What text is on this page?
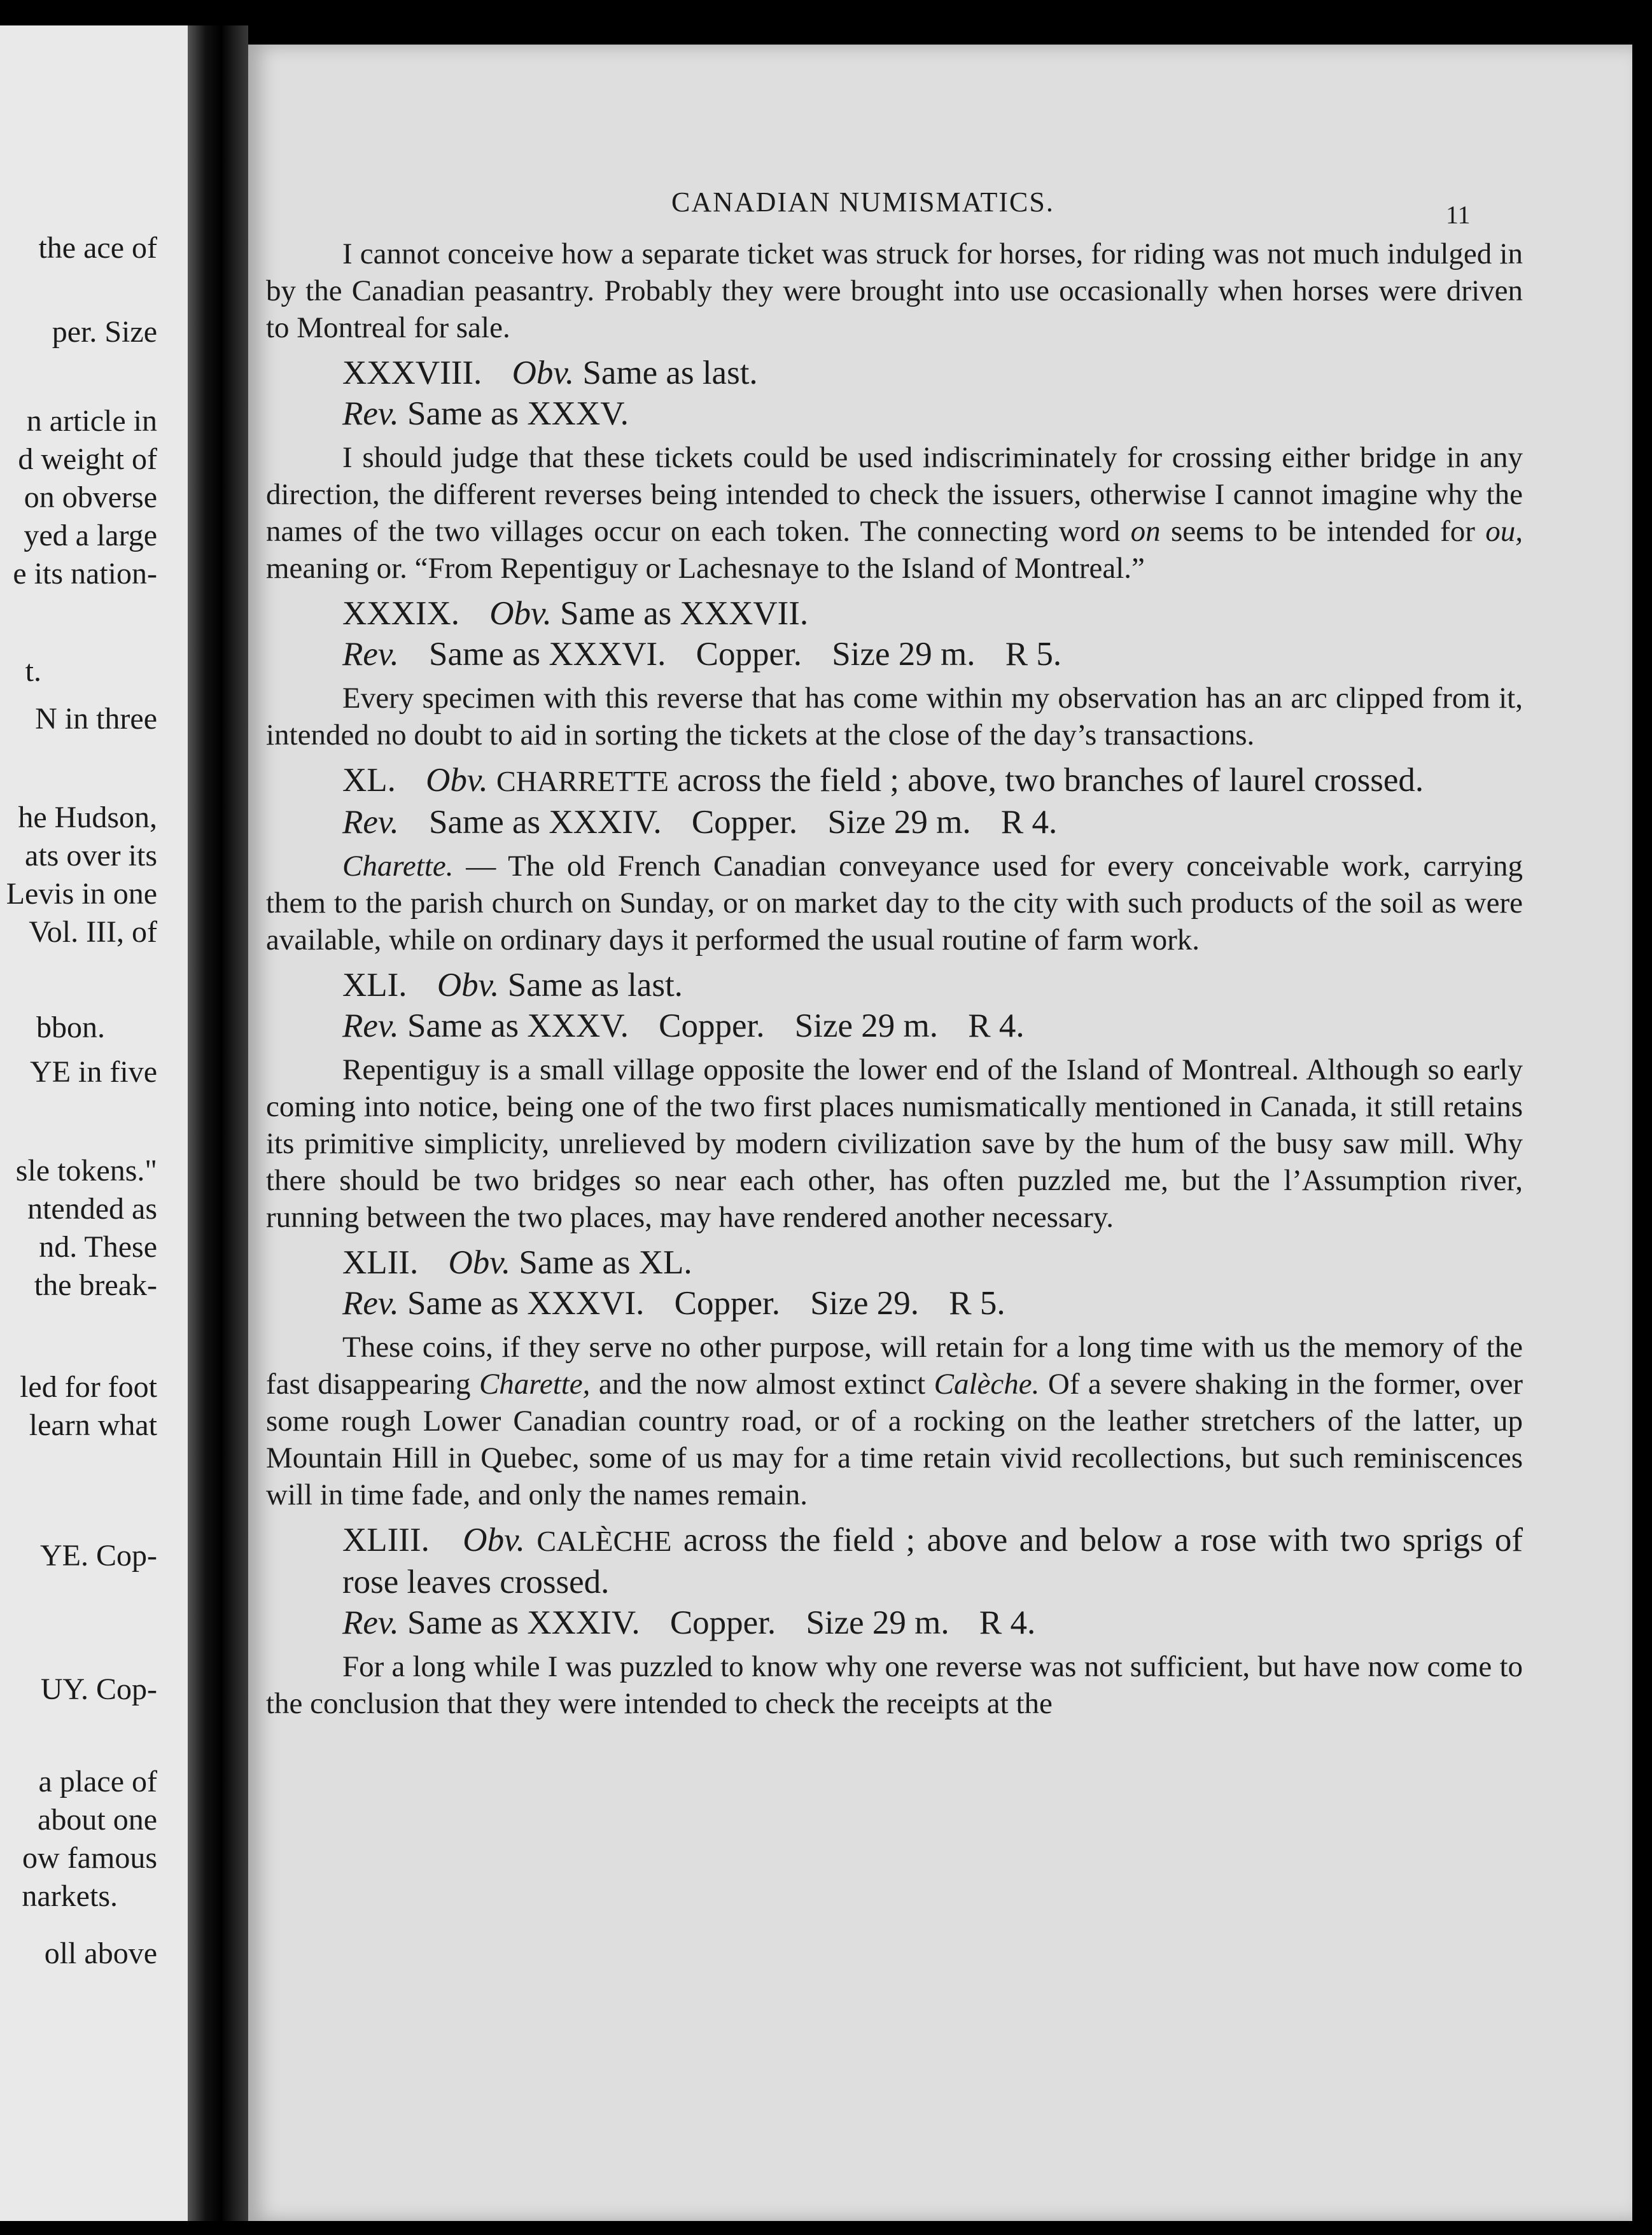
the ace of
per. Size
n article in
d weight of
on obverse
yed a large
e its nation-
t.
N in three
he Hudson,
ats over its
Levis in one
Vol. III, of
bbon.
YE in five
sle tokens."
ntended as
nd. These
the break-
led for foot
learn what
YE. Cop-
UY. Cop-
a place of
about one
ow famous
narkets.
oll above
CANADIAN NUMISMATICS.	11

I cannot conceive how a separate ticket was struck for horses, for riding was not much indulged in by the Canadian peasantry. Probably they were brought into use occasionally when horses were driven to Montreal for sale.

XXXVIII. Obv. Same as last.

Rev. Same as XXXV.

I should judge that these tickets could be used indiscriminately for crossing either bridge in any direction, the different reverses being intended to check the issuers, otherwise I cannot imagine why the names of the two villages occur on each token. The connecting word on seems to be intended for ou, meaning or. “From Repentiguy or Lachesnaye to the Island of Montreal.”

XXXIX. Obv. Same as XXXVII.

Rev. Same as XXXVI. Copper. Size 29 m. R 5.

Every specimen with this reverse that has come within my observation has an arc clipped from it, intended no doubt to aid in sorting the tickets at the close of the day’s transactions.

XL. Obv. CHARRETTE across the field ; above, two branches of laurel crossed.

Rev. Same as XXXIV. Copper. Size 29 m. R 4.

Charette. — The old French Canadian conveyance used for every conceivable work, carrying them to the parish church on Sunday, or on market day to the city with such products of the soil as were available, while on ordinary days it performed the usual routine of farm work.

XLI. Obv. Same as last.

Rev. Same as XXXV. Copper. Size 29 m. R 4.

Repentiguy is a small village opposite the lower end of the Island of Montreal. Although so early coming into notice, being one of the two first places numismatically mentioned in Canada, it still retains its primitive simplicity, unrelieved by modern civilization save by the hum of the busy saw mill. Why there should be two bridges so near each other, has often puzzled me, but the l’Assumption river, running between the two places, may have rendered another necessary.

XLII. Obv. Same as XL.

Rev. Same as XXXVI. Copper. Size 29. R 5.

These coins, if they serve no other purpose, will retain for a long time with us the memory of the fast disappearing Charette, and the now almost extinct Calèche. Of a severe shaking in the former, over some rough Lower Canadian country road, or of a rocking on the leather stretchers of the latter, up Mountain Hill in Quebec, some of us may for a time retain vivid recollections, but such reminiscences will in time fade, and only the names remain.

XLIII. Obv. CALÈCHE across the field ; above and below a rose with two sprigs of rose leaves crossed.

Rev. Same as XXXIV. Copper. Size 29 m. R 4.

For a long while I was puzzled to know why one reverse was not sufficient, but have now come to the conclusion that they were intended to check the receipts at the
